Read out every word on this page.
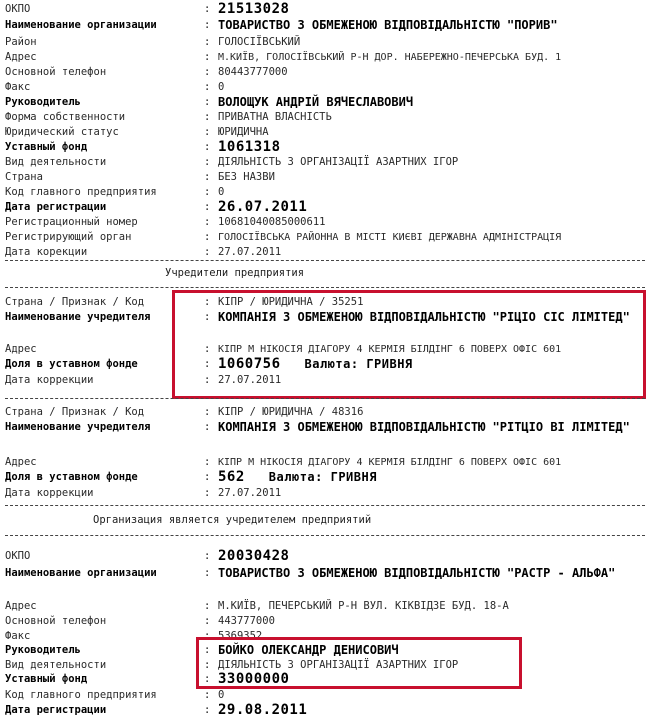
ОКПО	: 21513028
Наименование организации	: ТОВАРИСТВО З ОБМЕЖЕНОЮ ВІДПОВІДАЛЬНІСТЮ "ПОРИВ"
Район	: ГОЛОСІЇВСЬКИЙ
Адрес	: М.КИЇВ, ГОЛОСІЇВСЬКИЙ Р-Н ДОР. НАБЕРЕЖНО-ПЕЧЕРСЬКА БУД. 1
Основной телефон	: 80443777000
Факс	: 0
Руководитель	: ВОЛОЩУК АНДРІЙ ВЯЧЕСЛАВОВИЧ
Форма собственности	: ПРИВАТНА ВЛАСНІСТЬ
Юридический статус	: ЮРИДИЧНА
Уставный фонд	: 1061318
Вид деятельности	: ДІЯЛЬНІСТЬ З ОРГАНІЗАЦІЇ АЗАРТНИХ ІГОР
Страна	: БЕЗ НАЗВИ
Код главного предприятия	: 0
Дата регистрации	: 26.07.2011
Регистрационный номер	: 10681040085000611
Регистрирующий орган	: ГОЛОСІЇВСЬКА РАЙОННА В МІСТІ КИЄВІ ДЕРЖАВНА АДМІНІСТРАЦІЯ
Дата корекции	: 27.07.2011
Учредители предприятия
Страна / Признак / Код	: КІПР / ЮРИДИЧНА / 35251
Наименование учредителя	: КОМПАНІЯ З ОБМЕЖЕНОЮ ВІДПОВІДАЛЬНІСТЮ "РІЦІО СІС ЛІМІТЕД"
Адрес	: КІПР М НІКОСІЯ ДІАГОРУ 4 КЕРМІЯ БІЛДІНГ 6 ПОВЕРХ ОФІС 601
Доля в уставном фонде	: 1060756 Валюта: ГРИВНЯ
Дата коррекции	: 27.07.2011
Страна / Признак / Код	: КІПР / ЮРИДИЧНА / 48316
Наименование учредителя	: КОМПАНІЯ З ОБМЕЖЕНОЮ ВІДПОВІДАЛЬНІСТЮ "РІТЦІО ВІ ЛІМІТЕД"
Адрес	: КІПР М НІКОСІЯ ДІАГОРУ 4 КЕРМІЯ БІЛДІНГ 6 ПОВЕРХ ОФІС 601
Доля в уставном фонде	: 562 Валюта: ГРИВНЯ
Дата коррекции	: 27.07.2011
Организация является учредителем предприятий
ОКПО	: 20030428
Наименование организации	: ТОВАРИСТВО З ОБМЕЖЕНОЮ ВІДПОВІДАЛЬНІСТЮ "РАСТР - АЛЬФА"
Адрес	: М.КИЇВ, ПЕЧЕРСЬКИЙ Р-Н ВУЛ. КІКВІДЗЕ БУД. 18-А
Основной телефон	: 443777000
Факс	: 5369352
Руководитель	: БОЙКО ОЛЕКСАНДР ДЕНИСОВИЧ
Вид деятельности	: ДІЯЛЬНІСТЬ З ОРГАНІЗАЦІЇ АЗАРТНИХ ІГОР
Уставный фонд	: 33000000
Код главного предприятия	: 0
Дата регистрации	: 29.08.2011
